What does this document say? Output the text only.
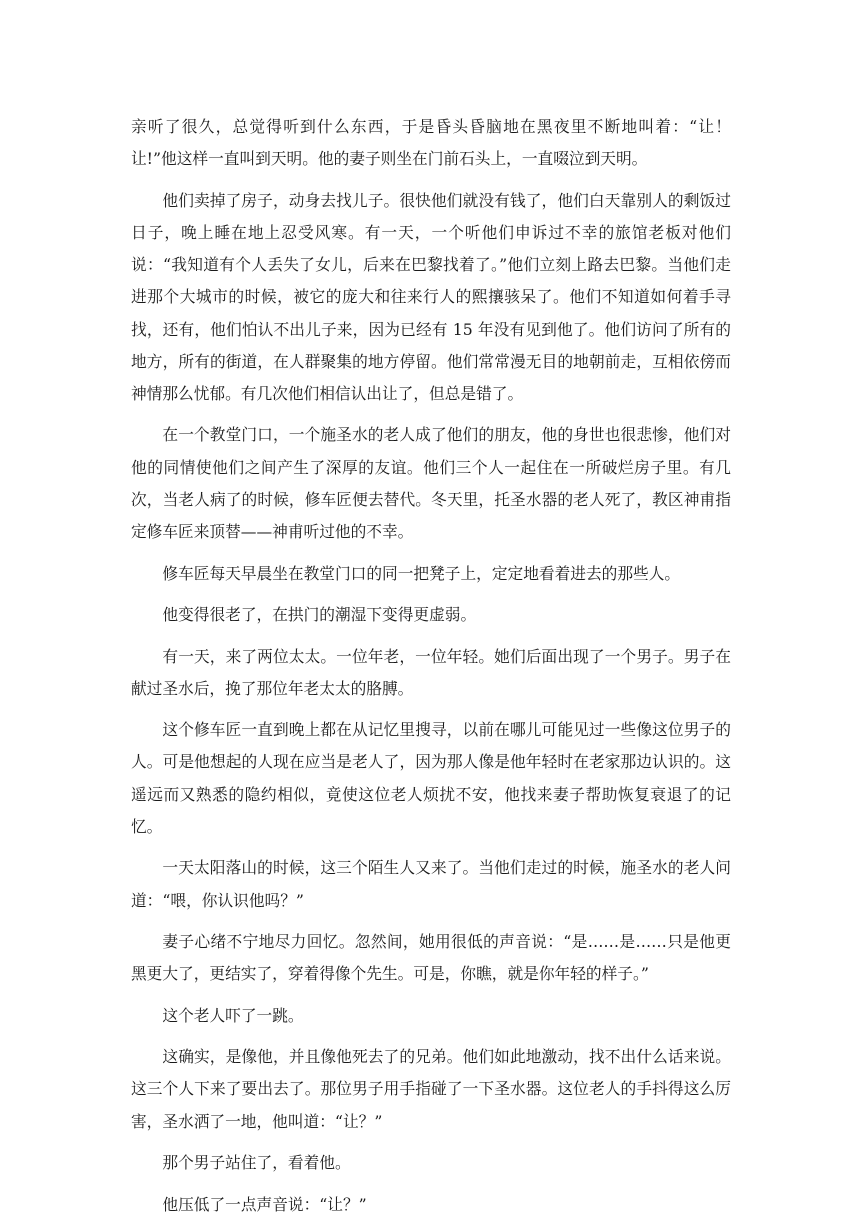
亲听了很久，总觉得听到什么东西，于是昏头昏脑地在黑夜里不断地叫着：“让！让!”他这样一直叫到天明。他的妻子则坐在门前石头上，一直啜泣到天明。

他们卖掉了房子，动身去找儿子。很快他们就没有钱了，他们白天靠别人的剩饭过日子，晚上睡在地上忍受风寒。有一天，一个听他们申诉过不幸的旅馆老板对他们说：“我知道有个人丢失了女儿，后来在巴黎找着了。”他们立刻上路去巴黎。当他们走进那个大城市的时候，被它的庞大和往来行人的熙攘骇呆了。他们不知道如何着手寻找，还有，他们怕认不出儿子来，因为已经有 15 年没有见到他了。他们访问了所有的地方，所有的街道，在人群聚集的地方停留。他们常常漫无目的地朝前走，互相依傍而神情那么忧郁。有几次他们相信认出让了，但总是错了。

在一个教堂门口，一个施圣水的老人成了他们的朋友，他的身世也很悲惨，他们对他的同情使他们之间产生了深厚的友谊。他们三个人一起住在一所破烂房子里。有几次，当老人病了的时候，修车匠便去替代。冬天里，托圣水器的老人死了，教区神甫指定修车匠来顶替——神甫听过他的不幸。

修车匠每天早晨坐在教堂门口的同一把凳子上，定定地看着进去的那些人。

他变得很老了，在拱门的潮湿下变得更虚弱。

有一天，来了两位太太。一位年老，一位年轻。她们后面出现了一个男子。男子在献过圣水后，挽了那位年老太太的胳膊。

这个修车匠一直到晚上都在从记忆里搜寻，以前在哪儿可能见过一些像这位男子的人。可是他想起的人现在应当是老人了，因为那人像是他年轻时在老家那边认识的。这遥远而又熟悉的隐约相似，竟使这位老人烦扰不安，他找来妻子帮助恢复衰退了的记忆。

一天太阳落山的时候，这三个陌生人又来了。当他们走过的时候，施圣水的老人问道：“喂，你认识他吗？”

妻子心绪不宁地尽力回忆。忽然间，她用很低的声音说：“是……是……只是他更黑更大了，更结实了，穿着得像个先生。可是，你瞧，就是你年轻的样子。”

这个老人吓了一跳。

这确实，是像他，并且像他死去了的兄弟。他们如此地激动，找不出什么话来说。这三个人下来了要出去了。那位男子用手指碰了一下圣水器。这位老人的手抖得这么厉害，圣水洒了一地，他叫道：“让？”

那个男子站住了，看着他。

他压低了一点声音说：“让？”
